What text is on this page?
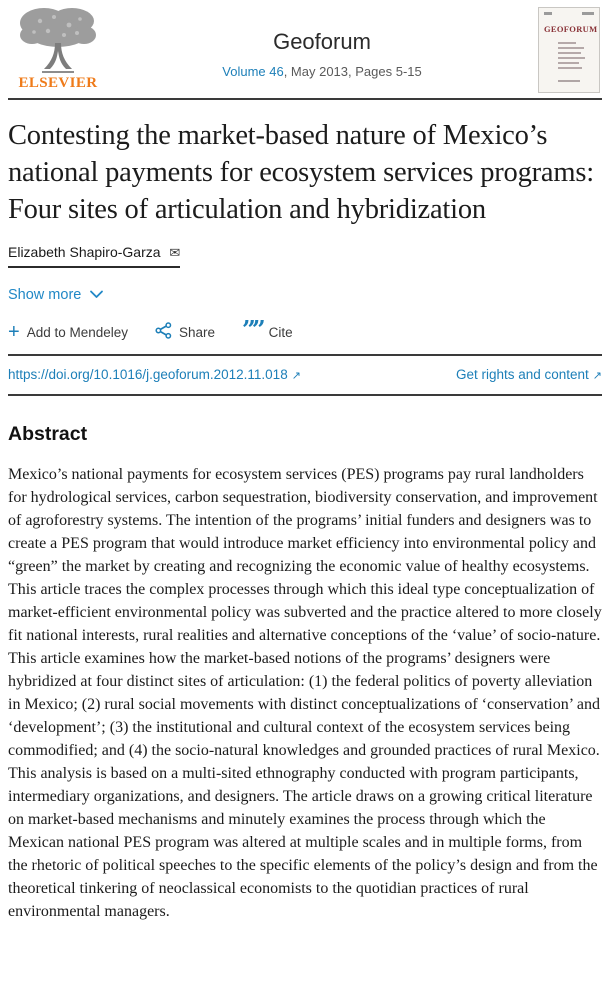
ELSEVIER
Geoforum
Volume 46, May 2013, Pages 5-15
GEOFORUM
Contesting the market-based nature of Mexico’s national payments for ecosystem services programs: Four sites of articulation and hybridization
Elizabeth Shapiro-Garza ✉
Show more
+ Add to Mendeley	Share ”” Cite
https://doi.org/10.1016/j.geoforum.2012.11.018 ↗	Get rights and content ↗
Abstract

Mexico’s national payments for ecosystem services (PES) programs pay rural landholders for hydrological services, carbon sequestration, biodiversity conservation, and improvement of agroforestry systems. The intention of the programs’ initial funders and designers was to create a PES program that would introduce market efficiency into environmental policy and “green” the market by creating and recognizing the economic value of healthy ecosystems. This article traces the complex processes through which this ideal type conceptualization of market-efficient environmental policy was subverted and the practice altered to more closely fit national interests, rural realities and alternative conceptions of the ‘value’ of socio-nature. This article examines how the market-based notions of the programs’ designers were hybridized at four distinct sites of articulation: (1) the federal politics of poverty alleviation in Mexico; (2) rural social movements with distinct conceptualizations of ‘conservation’ and ‘development’; (3) the institutional and cultural context of the ecosystem services being commodified; and (4) the socio-natural knowledges and grounded practices of rural Mexico. This analysis is based on a multi-sited ethnography conducted with program participants, intermediary organizations, and designers. The article draws on a growing critical literature on market-based mechanisms and minutely examines the process through which the Mexican national PES program was altered at multiple scales and in multiple forms, from the rhetoric of political speeches to the specific elements of the policy’s design and from the theoretical tinkering of neoclassical economists to the quotidian practices of rural environmental managers.
